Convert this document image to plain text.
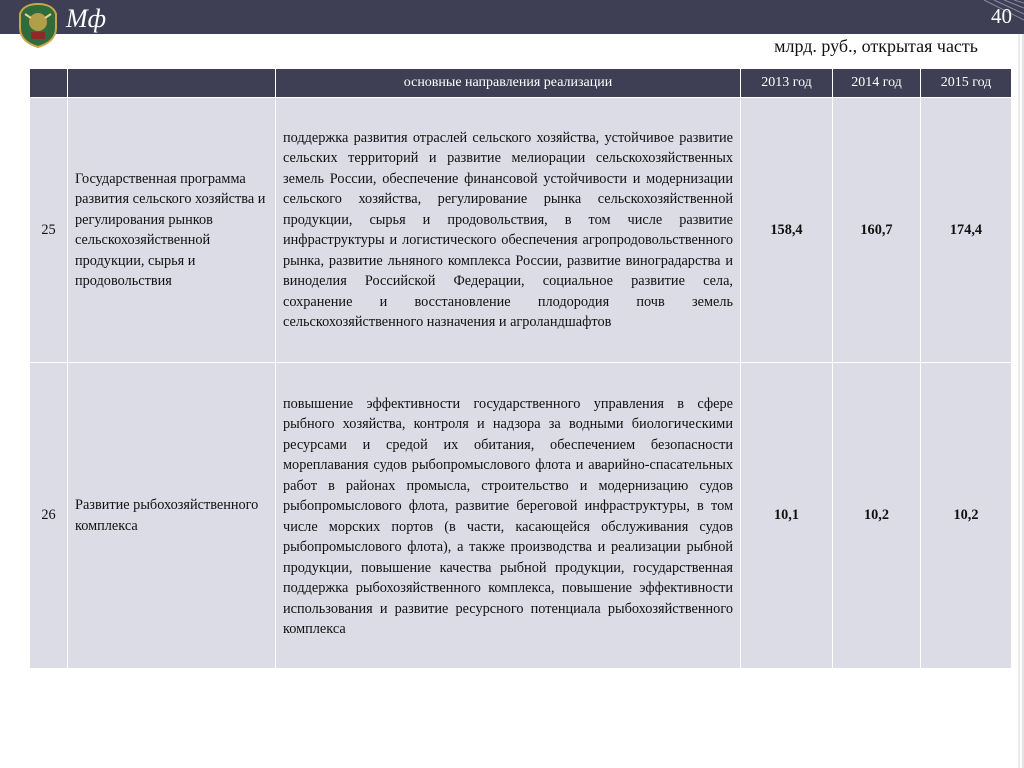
Мф	40
млрд. руб., открытая часть
		основные направления реализации	2013 год	2014 год	2015 год
25	Государственная программа развития сельского хозяйства и регулирования рынков сельскохозяйственной продукции, сырья и продовольствия	поддержка развития отраслей сельского хозяйства, устойчивое развитие сельских территорий и развитие мелиорации сельскохозяйственных земель России, обеспечение финансовой устойчивости и модернизации сельского хозяйства, регулирование рынка сельскохозяйственной продукции, сырья и продовольствия, в том числе развитие инфраструктуры и логистического обеспечения агропродовольственного рынка, развитие льняного комплекса России, развитие виноградарства и виноделия Российской Федерации, социальное развитие села, сохранение и восстановление плодородия почв земель сельскохозяйственного назначения и агроландшафтов	158,4	160,7	174,4
26	Развитие рыбохозяйственного комплекса	повышение эффективности государственного управления в сфере рыбного хозяйства, контроля и надзора за водными биологическими ресурсами и средой их обитания, обеспечением безопасности мореплавания судов рыбопромыслового флота и аварийно-спасательных работ в районах промысла, строительство и модернизацию судов рыбопромыслового флота, развитие береговой инфраструктуры, в том числе морских портов (в части, касающейся обслуживания судов рыбопромыслового флота), а также производства и реализации рыбной продукции, повышение качества рыбной продукции, государственная поддержка рыбохозяйственного комплекса, повышение эффективности использования и развитие ресурсного потенциала рыбохозяйственного комплекса	10,1	10,2	10,2
